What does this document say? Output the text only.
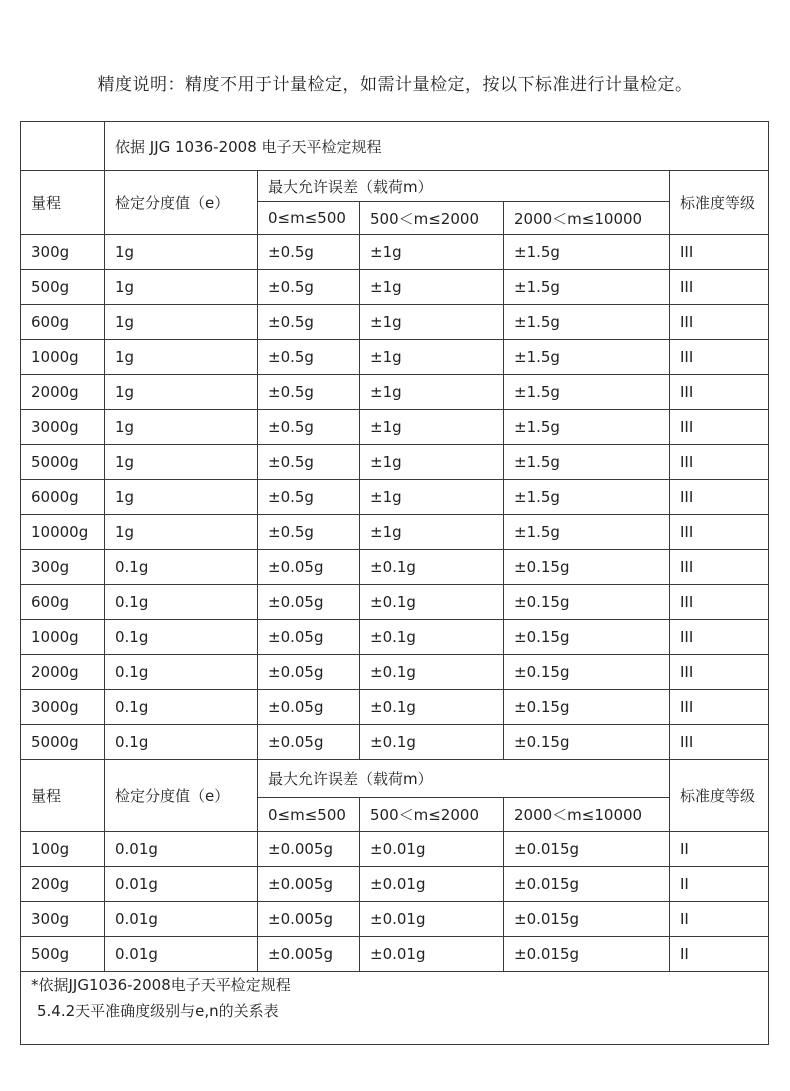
精度说明：精度不用于计量检定，如需计量检定，按以下标准进行计量检定。
	依据 JJG 1036-2008 电子天平检定规程				
量程	检定分度值（e）	最大允许误差（载荷m）			标准度等级
		0≤m≤500	500＜m≤2000	2000＜m≤10000	
300g	1g	±0.5g	±1g	±1.5g	III
500g	1g	±0.5g	±1g	±1.5g	III
600g	1g	±0.5g	±1g	±1.5g	III
1000g	1g	±0.5g	±1g	±1.5g	III
2000g	1g	±0.5g	±1g	±1.5g	III
3000g	1g	±0.5g	±1g	±1.5g	III
5000g	1g	±0.5g	±1g	±1.5g	III
6000g	1g	±0.5g	±1g	±1.5g	III
10000g	1g	±0.5g	±1g	±1.5g	III
300g	0.1g	±0.05g	±0.1g	±0.15g	III
600g	0.1g	±0.05g	±0.1g	±0.15g	III
1000g	0.1g	±0.05g	±0.1g	±0.15g	III
2000g	0.1g	±0.05g	±0.1g	±0.15g	III
3000g	0.1g	±0.05g	±0.1g	±0.15g	III
5000g	0.1g	±0.05g	±0.1g	±0.15g	III
量程	检定分度值（e）	最大允许误差（载荷m）			标准度等级
		0≤m≤500	500＜m≤2000	2000＜m≤10000	
100g	0.01g	±0.005g	±0.01g	±0.015g	II
200g	0.01g	±0.005g	±0.01g	±0.015g	II
300g	0.01g	±0.005g	±0.01g	±0.015g	II
500g	0.01g	±0.005g	±0.01g	±0.015g	II

*依据JJG1036-2008电子天平检定规程
5.4.2天平准确度级别与e,n的关系表					
